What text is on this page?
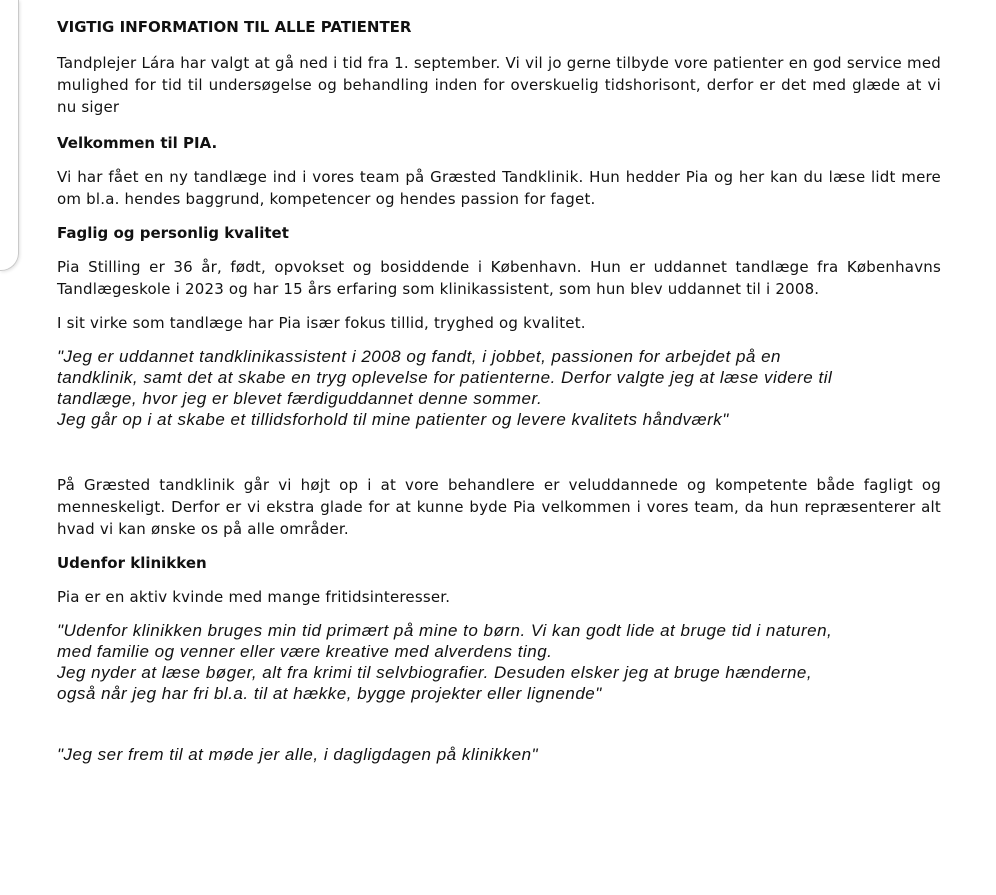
VIGTIG INFORMATION TIL ALLE PATIENTER

Tandplejer Lára har valgt at gå ned i tid fra 1. september. Vi vil jo gerne tilbyde vore patienter en god service med mulighed for tid til undersøgelse og behandling inden for overskuelig tidshorisont, derfor er det med glæde at vi nu siger

Velkommen til PIA.

Vi har fået en ny tandlæge ind i vores team på Græsted Tandklinik. Hun hedder Pia og her kan du læse lidt mere om bl.a. hendes baggrund, kompetencer og hendes passion for faget.

Faglig og personlig kvalitet

Pia Stilling er 36 år, født, opvokset og bosiddende i København. Hun er uddannet tandlæge fra Københavns Tandlægeskole i 2023 og har 15 års erfaring som klinikassistent, som hun blev uddannet til i 2008.

I sit virke som tandlæge har Pia især fokus tillid, tryghed og kvalitet.

"Jeg er uddannet tandklinikassistent i 2008 og fandt, i jobbet, passionen for arbejdet på en
tandklinik, samt det at skabe en tryg oplevelse for patienterne. Derfor valgte jeg at læse videre til
tandlæge, hvor jeg er blevet færdiguddannet denne sommer.
Jeg går op i at skabe et tillidsforhold til mine patienter og levere kvalitets håndværk"

På Græsted tandklinik går vi højt op i at vore behandlere er veluddannede og kompetente både fagligt og menneskeligt. Derfor er vi ekstra glade for at kunne byde Pia velkommen i vores team, da hun repræsenterer alt hvad vi kan ønske os på alle områder.

Udenfor klinikken

Pia er en aktiv kvinde med mange fritidsinteresser.

"Udenfor klinikken bruges min tid primært på mine to børn. Vi kan godt lide at bruge tid i naturen,
med familie og venner eller være kreative med alverdens ting.
Jeg nyder at læse bøger, alt fra krimi til selvbiografier. Desuden elsker jeg at bruge hænderne,
også når jeg har fri bl.a. til at hække, bygge projekter eller lignende"

"Jeg ser frem til at møde jer alle, i dagligdagen på klinikken"
